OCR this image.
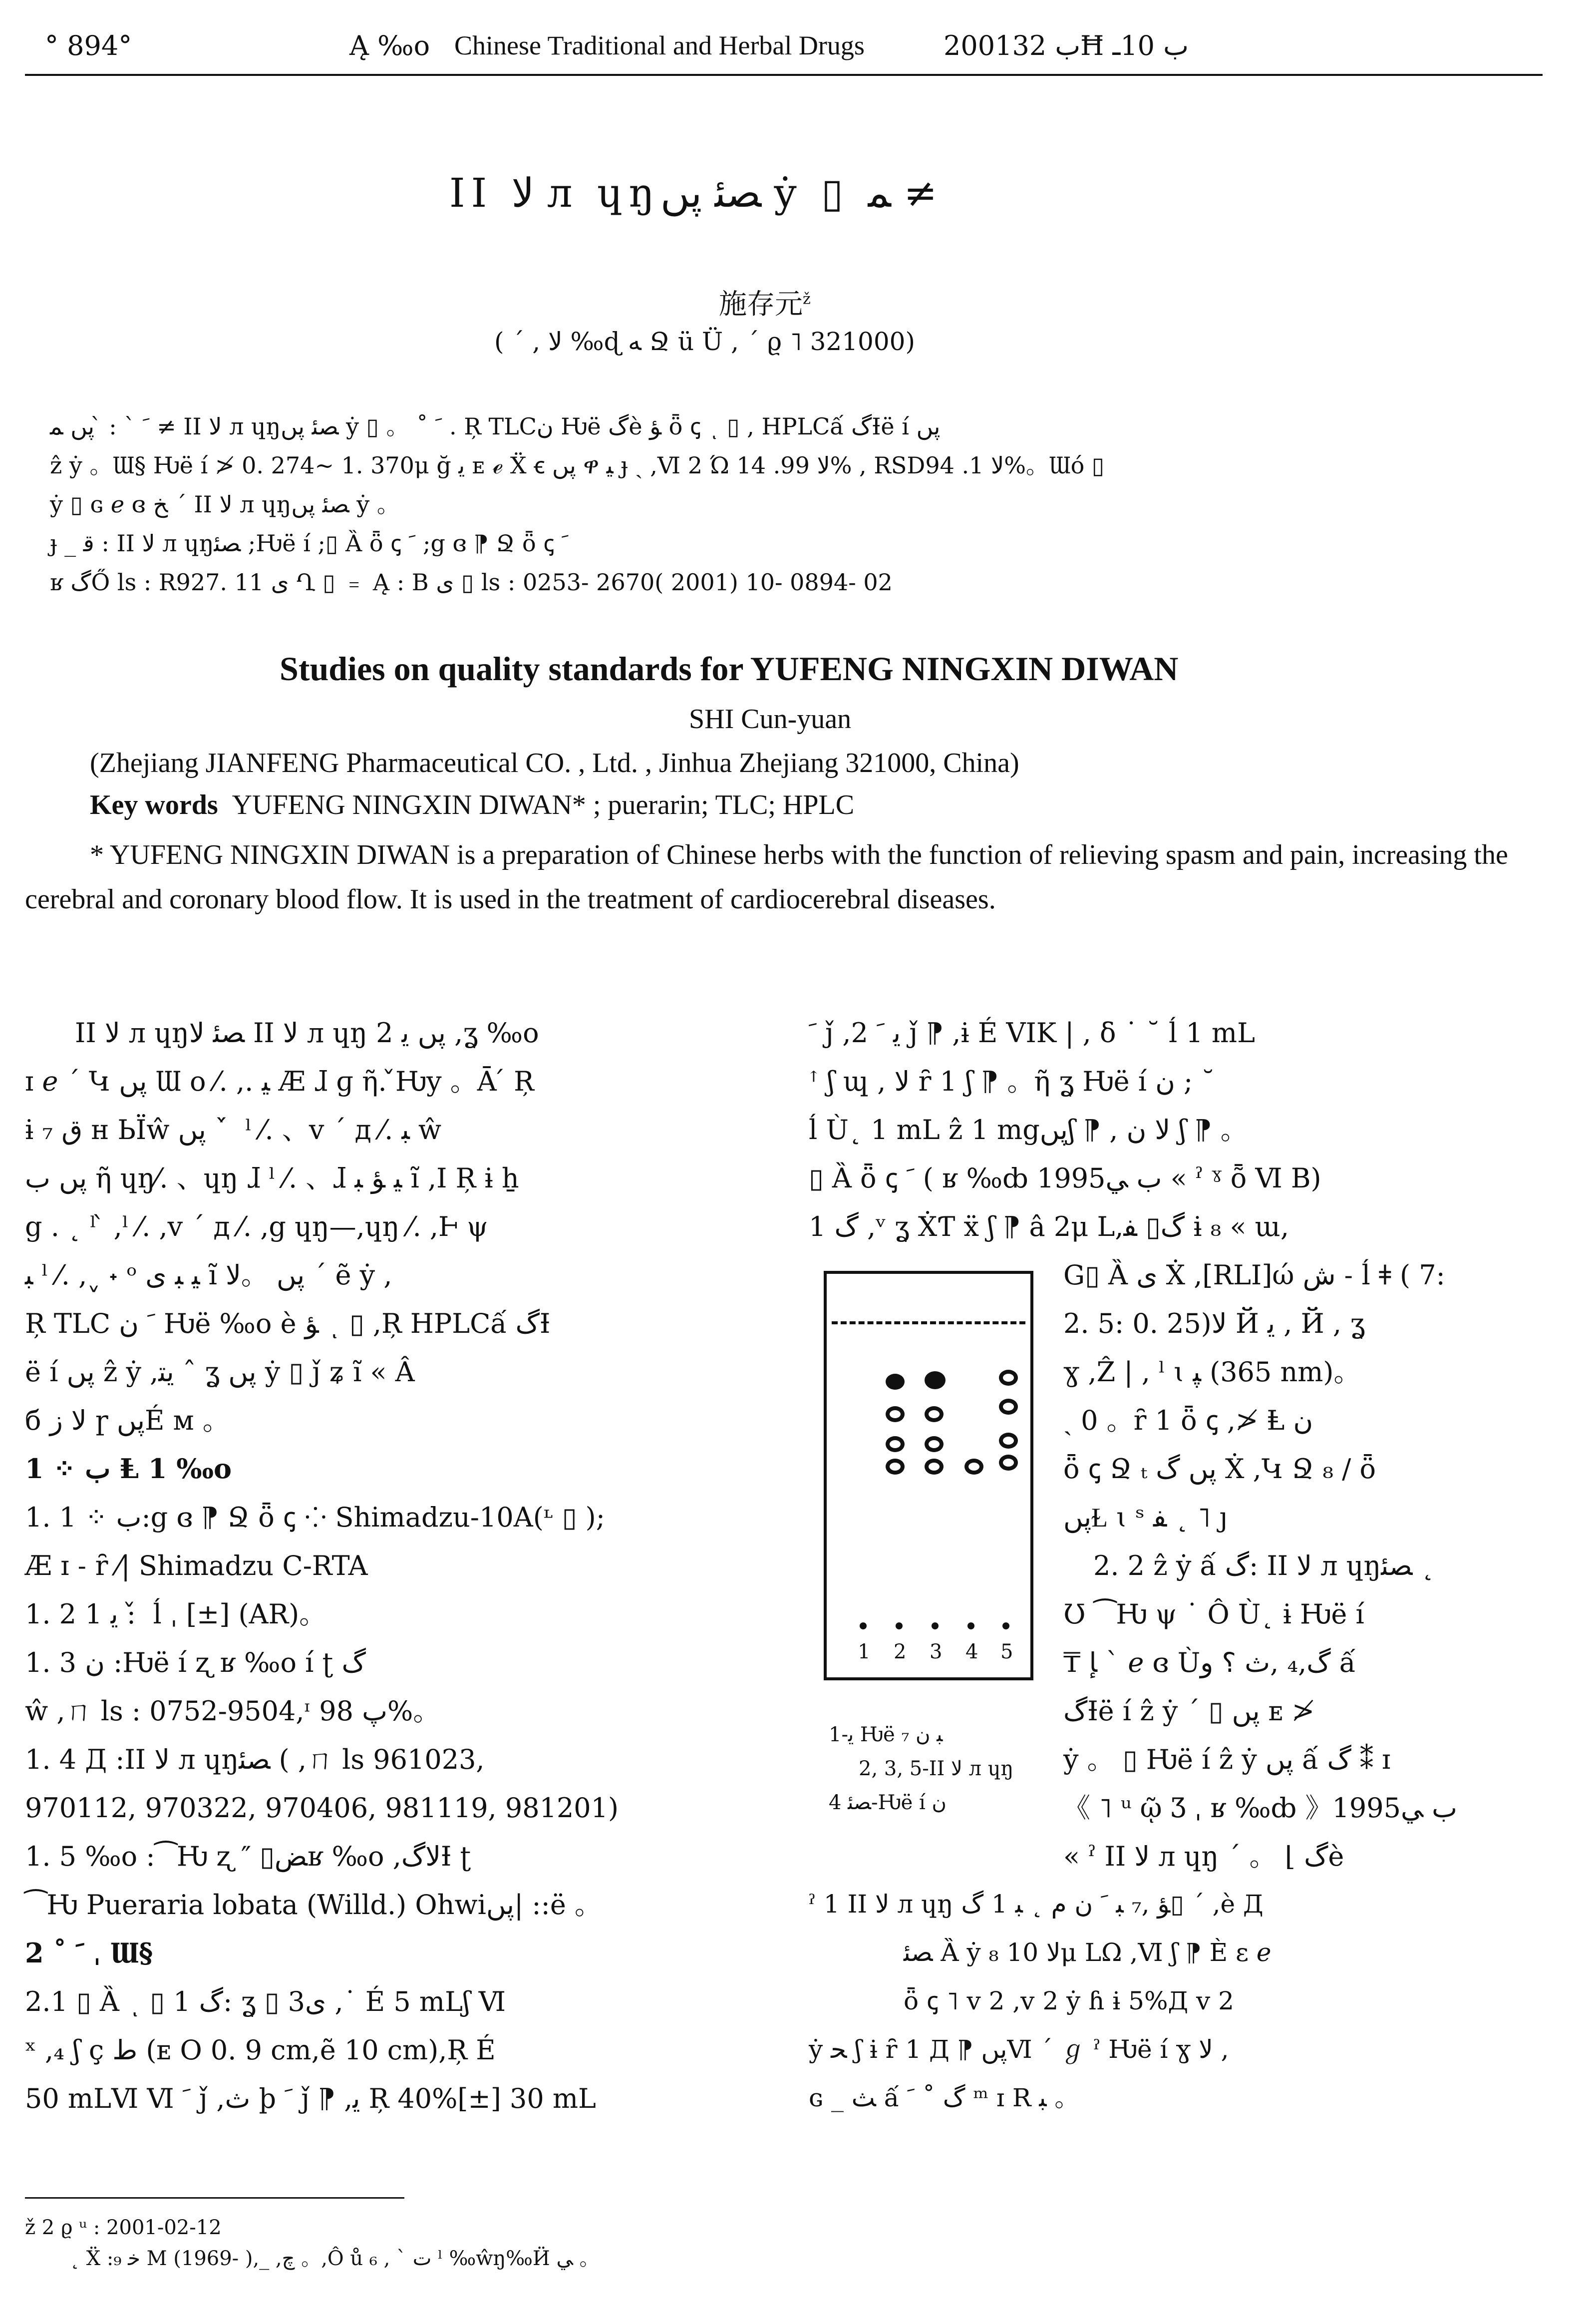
° 894°	Ą ‰o Chinese Traditional and Herbal Drugs	2001ب 32Ħ ب 10ـ
II ﻻ л ɥŋ‌ﺼﺌ پں ẏ ▯ ﻤ ≠
施存元$^ž$
( ´ , ﻻ ‰ɖ ﻪ Ջ ü Ü , ´ ϱ ˥ 321000)
ﹶ ˋ : ̀ پں ﻤ ≠ II ﻻ л ɥŋ‌ﺼﺌ پں ẏ ▯ 。 ˚ ﹶ . Ŗ TLCن Ƕë ﮒè ﺆ ȫ ꞔ ͺ ▯ , HPLCấ ﮒƗë í پں
ẑ ẏ 。Ɯ§ Ƕë í ≯ 0. 274~ 1. 370μ ğ ﯾ ᴇ ℯ Ẍ ꞓ پں ዋ ﯿ ɟ ˏ ,Ⅵ 2 Ώ ﻻ 99. 14% , RSDﻻ 1. 94%。Ɯó ▯
ẏ ▯ ɢ ℯ ɞ ﺦ ´ II ﻻ л ɥŋ‌ﺼﺌ پں ẏ 。
ɟ _ ﻗ : II ﻻ л ɥŋ‌ﺼﺌ ;Ƕë í ;▯ Ȁ ȫ ꞔ ﹶ ;g ɞ ⁋ Ջ ȫ ꞔ ﹶ
ʁ ﮒŐ ls : R927. 11 ﯼ Ղ ▯ ﹦ Ą : B ﯼ ▯ ls : 0253- 2670( 2001) 10- 0894- 02
Studies on quality standards for YUFENG NINGXIN DIWAN
SHI Cun-yuan
(Zhejiang JIANFENG Pharmaceutical CO. , Ltd. , Jinhua Zhejiang 321000, China)
Key words YUFENG NINGXIN DIWAN* ; puerarin; TLC; HPLC
* YUFENG NINGXIN DIWAN is a preparation of Chinese herbs with the function of relieving spasm and pain, increasing the cerebral and coronary blood flow. It is used in the treatment of cardiocerebral diseases.

II ﻻ л ɥŋ‌ﺼﺌ ﻻ II ﻻ л ɥŋ پں ﻳ 2 ,ʓ ‰o

ɪ ℯ ´ Կ پں Ɯ o ⁄. ,. ﻴ Æ ɺ ɡ ῆ. ̌Ƕy 。Ā ́ Ŗ

ɨ ₇ ق ʜ ЬÏŵ پں ˊ ̀ ˡ ⁄. 、v ´ д ⁄. ﺒ ŵ

پں ب ῆ ɥŋ⁄. 、ɥŋ ɺ ˡ ⁄. 、ɺ ﯿ ﺆ ﺒ ĩ ,I Ŗ ɨ ẖ

g . ˛ ˡ ̀ ,ˡ ⁄. ,v ´ д ⁄. ,g ɥŋ—,ɥŋ ⁄. ,Ⱶ ψ

ﺒ ˡ ⁄. ,ˬ ˖ ᵒ ﯿ ﺒ ﯼ ĩ پں 。ﻻ ´ ẽ ẏ ,

Ŗ TLC ﹶ ن Ƕë ‰o è ﺆ ͺ ▯ ,Ŗ HPLCấ ﮒƗ

ë í پں ẑ ẏ ,ﻳﺘ ˆ ʓ پں ẏ ▯ ǰ ʑ ĩ « Â

б ﻻ ﺯ ɼ پںÉ ᴍ 。

1 ⁘ ب Ⱡ 1 ‰o

1. 1 ⁘ ب:g ɞ ⁋ Ջ ȫ ꞔ ⁘ Shimadzu-10A(ᶫ ▯ );

Æ ɪ ˗ ȓ ⁄| Shimadzu C-RTA

1. 2 1 ﻳ : ̌ ĺ ˌ [±] (AR)。

1. 3 ن :Ƕë í ʐ ʁ ‰o í ʈ ﮒ

ŵ ,ㄇ ls : 0752-9504,ᶦ ﭖ 98%。

1. 4 Д :II ﻻ л ɥŋ‌ﺼﺌ ( ,ㄇ ls 961023,

970112, 970322, 970406, 981119, 981201)

1. 5 ‰o :⁀Ƕ ʐ ″ ▯ﺾʁ ‰o ,ﻻﮒƗ ʈ

⁀Ƕ Pueraria lobata (Willd.) Ohwiپں| ::ë 。

2 ˚ ﹶ ˌ Ɯ§

2.1 ▯ Ȁ ͺ ▯ 1 ﮒ: ʓ ▯ 3ﯼ ,˙ É 5 mLʃ Ⅵ

ˣ ,₄ ʃ ç ط (ᴇ O 0. 9 cm,ẽ 10 cm),Ŗ É

50 mLⅥ Ⅵ ﹶ ǰ ,ﺙ þ ﹶ ǰ ⁋ ,ﻳ Ŗ 40%[±] 30 mL

ﹶ ǰ ,2 ﻳ ﹶ ǰ ⁋ ,ɨ É VIK | , δ ˙ ˘ ĺ 1 mL

ꜛ ʃ ɰ , ﻻ ȓ 1 ʃ ⁋ 。ῆ ʓ Ƕë í ن ; ˘

ĺ Ù˛ 1 mL ẑ 1 mgپںʃ ⁋ , ﻻ ن ʃ ⁋ 。

▯ Ȁ ȫ ꞔ ﹶ ( ʁ ‰ȸ 1995ب ﻲ « ˀ ˠ ȭ Ⅵ B)

1 ﮒ ,ᵛ ʓ ẊƬ ẍ ʃ ⁋ â 2μ L,ﮒ▯ ﻔ ɨ ₈ « ɯ,

1 2 3 4 5
1-ﻳ Ƕë ₇ ﺒ ن
2, 3, 5-II ﻻ л ɥŋ
ﺼﺌ 4-Ƕë í ن

G▯ Ȁ ﯼ Ẋ ,[RLI]ώ ﺵ ˗ ĺ ǂ ( 7:

2. 5: 0. 25)ﻻ Й ﻳ , Й , ʓ

ɣ ,Ẑ | , ˡ ɩ ﭙ (365 nm)。

ˏ 0 。ȓ 1 ȫ ꞔ ,≯ Ⱡ ن

ȫ ꞔ Ջ ₜ پں ﮒ Ẋ ,Կ Ջ ₈ / ȫ

پںⱢ ɩ ˢ ﻔ ˛ ˥ ȷ

2. 2 ẑ ẏ ấ ﮒ: II ﻻ л ɥŋ‌ﺼﺌ ˛

Ʊ ⁀Ƕ ψ ˙ Ô Ù˛ ɨ Ƕë í

₸ ﺈ ˋ ℯ ɞ Ùﮒ,₄ ,ﺙ ؟ و ấ

ﮒƗë í ẑ ẏ ´ ▯ پں ᴇ ≯

ẏ 。 ▯ Ƕë í ẑ ẏ پں ấ ﮒ ⁑ ɪ

《 ˥ ᵘ ῷ Ʒ ˌ ʁ ‰ȸ 》1995ب ﻲ

« ˀ II ﻻ л ɥŋ ´ 。 ⌊ ﮒè

ˀ 1 II ﻻ л ɥŋ ﺆ ,₇ ﺒ ﹶ ن م ˛ ﺒ 1 ﮒ▯ ´ ,è Д

ﺼﺌ Ȁ ẏ ₈ ﻻ 10μ LΩ ,Ⅵ ʃ ⁋ È ɛ ℯ

ȫ ꞔ ˥ v 2 ,v 2 ẏ ɦ ɨ 5%Д v 2

ẏ ﺤ ʃ ɨ ȓ 1 Д ⁋ پںⅥ ´ ℊ ˀ Ƕë í ɣ ﻻ ,

ɢ _ ﺚ ấ ﮒ ˚ ﹶ ᵐ ɪ R ﺒ 。

ž 2 ϱ ᵘ : 2001-02-12
˛ Ẍ :₉ ﺧ M (1969- ),_ ,ﭺ 。,Ô ů ₆ , ˋ ﺕ ˡ ‰ŵŋ‰Ӥ ﻲ 。
